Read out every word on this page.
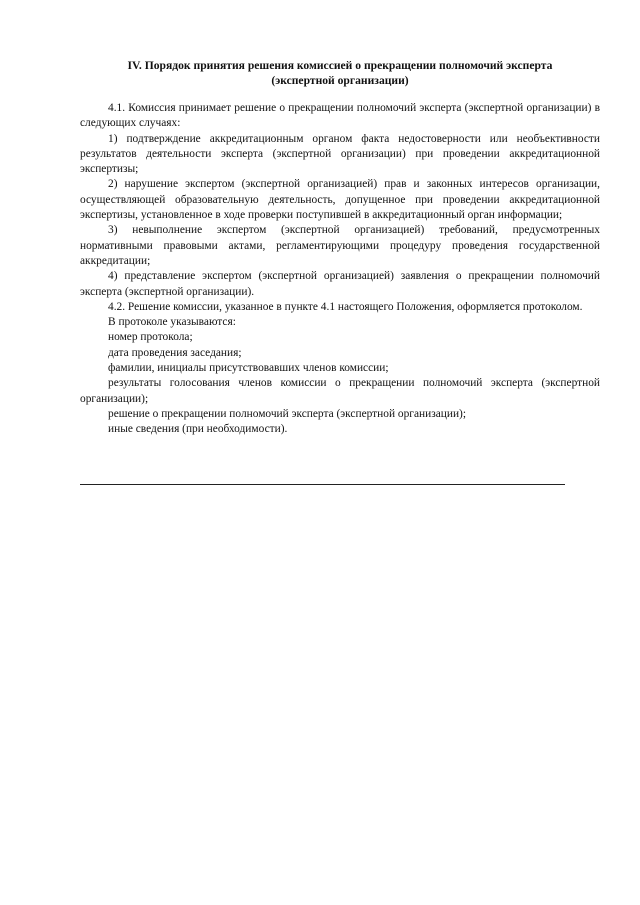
IV. Порядок принятия решения комиссией о прекращении полномочий эксперта
(экспертной организации)

4.1. Комиссия принимает решение о прекращении полномочий эксперта (экспертной организации) в следующих случаях:

1) подтверждение аккредитационным органом факта недостоверности или необъективности результатов деятельности эксперта (экспертной организации) при проведении аккредитационной экспертизы;

2) нарушение экспертом (экспертной организацией) прав и законных интересов организации, осуществляющей образовательную деятельность, допущенное при проведении аккредитационной экспертизы, установленное в ходе проверки поступившей в аккредитационный орган информации;

3) невыполнение экспертом (экспертной организацией) требований, предусмотренных нормативными правовыми актами, регламентирующими процедуру проведения государственной аккредитации;

4) представление экспертом (экспертной организацией) заявления о прекращении полномочий эксперта (экспертной организации).

4.2. Решение комиссии, указанное в пункте 4.1 настоящего Положения, оформляется протоколом.

В протоколе указываются:

номер протокола;

дата проведения заседания;

фамилии, инициалы присутствовавших членов комиссии;

результаты голосования членов комиссии о прекращении полномочий эксперта (экспертной организации);

решение о прекращении полномочий эксперта (экспертной организации);

иные сведения (при необходимости).
